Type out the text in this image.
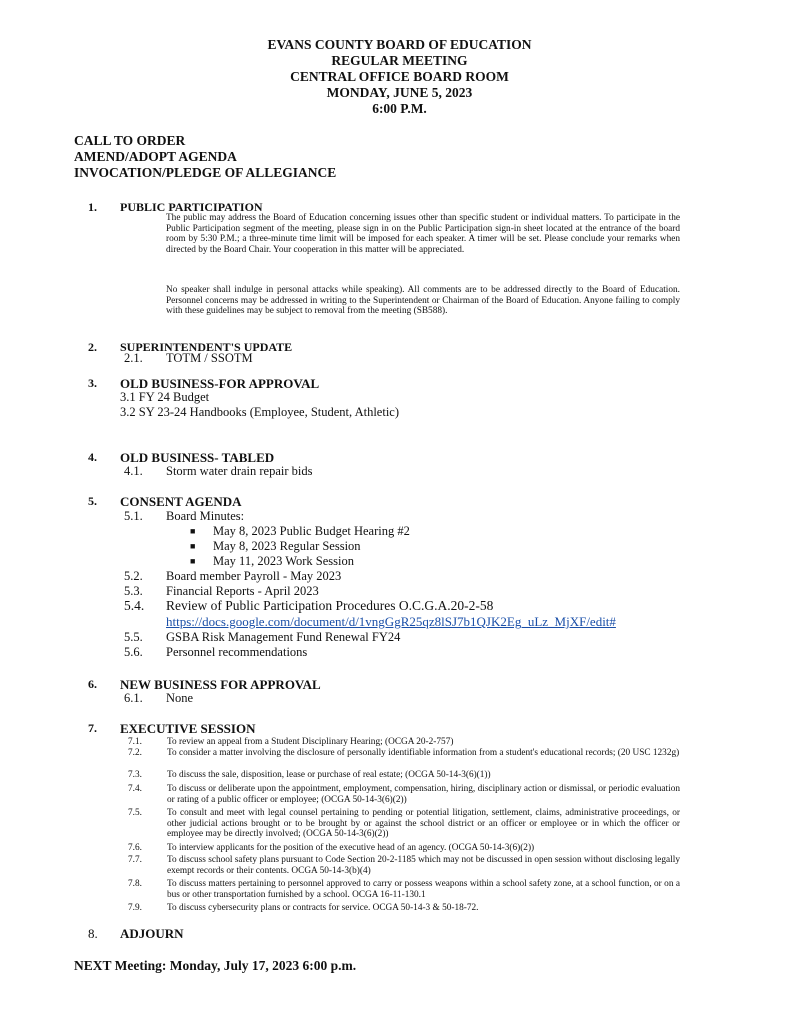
EVANS COUNTY BOARD OF EDUCATION
REGULAR MEETING
CENTRAL OFFICE BOARD ROOM
MONDAY, JUNE 5, 2023
6:00 P.M.
CALL TO ORDER
AMEND/ADOPT AGENDA
INVOCATION/PLEDGE OF ALLEGIANCE
1. PUBLIC PARTICIPATION
The public may address the Board of Education concerning issues other than specific student or individual matters. To participate in the Public Participation segment of the meeting, please sign in on the Public Participation sign-in sheet located at the entrance of the board room by 5:30 P.M.; a three-minute time limit will be imposed for each speaker. A timer will be set. Please conclude your remarks when directed by the Board Chair. Your cooperation in this matter will be appreciated.
No speaker shall indulge in personal attacks while speaking). All comments are to be addressed directly to the Board of Education. Personnel concerns may be addressed in writing to the Superintendent or Chairman of the Board of Education. Anyone failing to comply with these guidelines may be subject to removal from the meeting (SB588).
2. SUPERINTENDENT'S UPDATE
2.1. TOTM / SSOTM
3. OLD BUSINESS-FOR APPROVAL
3.1 FY 24 Budget
3.2 SY 23-24 Handbooks (Employee, Student, Athletic)
4. OLD BUSINESS- TABLED
4.1. Storm water drain repair bids
5. CONSENT AGENDA
5.1. Board Minutes:
■ May 8, 2023 Public Budget Hearing #2
■ May 8, 2023 Regular Session
■ May 11, 2023 Work Session
5.2. Board member Payroll - May 2023
5.3. Financial Reports - April 2023
5.4. Review of Public Participation Procedures O.C.G.A.20-2-58
https://docs.google.com/document/d/1vngGgR25qz8lSJ7b1QJK2Eg_uLz_MjXF/edit#
5.5. GSBA Risk Management Fund Renewal FY24
5.6. Personnel recommendations
6. NEW BUSINESS FOR APPROVAL
6.1. None
7. EXECUTIVE SESSION
7.1.	To review an appeal from a Student Disciplinary Hearing; (OCGA 20-2-757)
7.2.	To consider a matter involving the disclosure of personally identifiable information from a student's educational records; (20 USC 1232g)
7.3.	To discuss the sale, disposition, lease or purchase of real estate; (OCGA 50-14-3(6)(1))
7.4.	To discuss or deliberate upon the appointment, employment, compensation, hiring, disciplinary action or dismissal, or periodic evaluation or rating of a public officer or employee; (OCGA 50-14-3(6)(2))
7.5.	To consult and meet with legal counsel pertaining to pending or potential litigation, settlement, claims, administrative proceedings, or other judicial actions brought or to be brought by or against the school district or an officer or employee or in which the officer or employee may be directly involved; (OCGA 50-14-3(6)(2))
7.6.	To interview applicants for the position of the executive head of an agency. (OCGA 50-14-3(6)(2))
7.7.	To discuss school safety plans pursuant to Code Section 20-2-1185 which may not be discussed in open session without disclosing legally exempt records or their contents. OCGA 50-14-3(b)(4)
7.8.	To discuss matters pertaining to personnel approved to carry or possess weapons within a school safety zone, at a school function, or on a bus or other transportation furnished by a school. OCGA 16-11-130.1
7.9.	To discuss cybersecurity plans or contracts for service. OCGA 50-14-3 & 50-18-72.
8. ADJOURN
NEXT Meeting: Monday, July 17, 2023 6:00 p.m.
